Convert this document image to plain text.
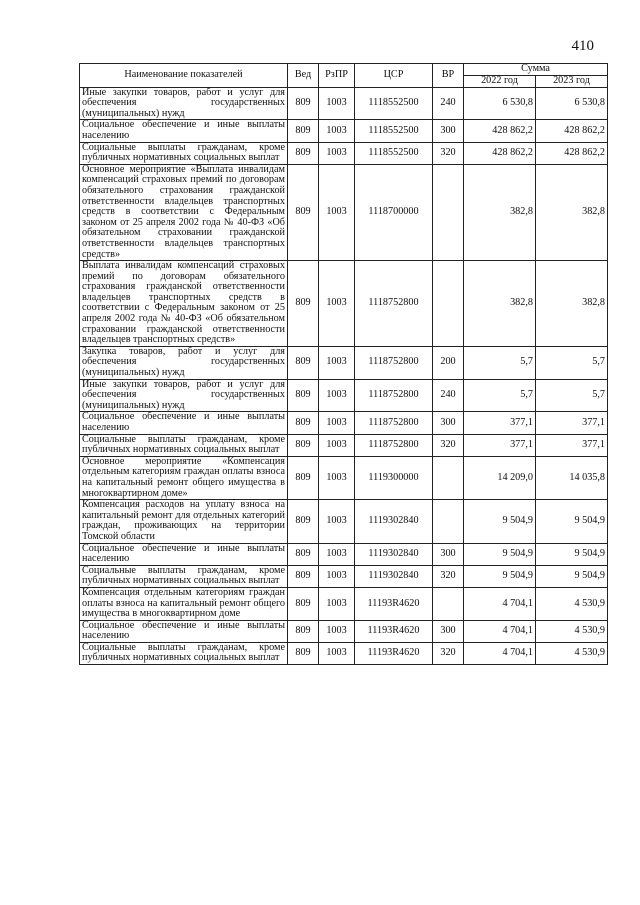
410
Наименование показателей	Вед	РзПР	ЦСР	ВР	Сумма	
					2022 год	2023 год
Иные закупки товаров, работ и услуг для обеспечения государственных (муниципальных) нужд	809	1003	1118552500	240	6 530,8	6 530,8
Социальное обеспечение и иные выплаты населению	809	1003	1118552500	300	428 862,2	428 862,2
Социальные выплаты гражданам, кроме публичных нормативных социальных выплат	809	1003	1118552500	320	428 862,2	428 862,2
Основное мероприятие «Выплата инвалидам компенсаций страховых премий по договорам обязательного страхования гражданской ответственности владельцев транспортных средств в соответствии с Федеральным законом от 25 апреля 2002 года № 40-ФЗ «Об обязательном страховании гражданской ответственности владельцев транспортных средств»	809	1003	1118700000		382,8	382,8
Выплата инвалидам компенсаций страховых премий по договорам обязательного страхования гражданской ответственности владельцев транспортных средств в соответствии с Федеральным законом от 25 апреля 2002 года № 40-ФЗ «Об обязательном страховании гражданской ответственности владельцев транспортных средств»	809	1003	1118752800		382,8	382,8
Закупка товаров, работ и услуг для обеспечения государственных (муниципальных) нужд	809	1003	1118752800	200	5,7	5,7
Иные закупки товаров, работ и услуг для обеспечения государственных (муниципальных) нужд	809	1003	1118752800	240	5,7	5,7
Социальное обеспечение и иные выплаты населению	809	1003	1118752800	300	377,1	377,1
Социальные выплаты гражданам, кроме публичных нормативных социальных выплат	809	1003	1118752800	320	377,1	377,1
Основное мероприятие «Компенсация отдельным категориям граждан оплаты взноса на капитальный ремонт общего имущества в многоквартирном доме»	809	1003	1119300000		14 209,0	14 035,8
Компенсация расходов на уплату взноса на капитальный ремонт для отдельных категорий граждан, проживающих на территории Томской области	809	1003	1119302840		9 504,9	9 504,9
Социальное обеспечение и иные выплаты населению	809	1003	1119302840	300	9 504,9	9 504,9
Социальные выплаты гражданам, кроме публичных нормативных социальных выплат	809	1003	1119302840	320	9 504,9	9 504,9
Компенсация отдельным категориям граждан оплаты взноса на капитальный ремонт общего имущества в многоквартирном доме	809	1003	11193R4620		4 704,1	4 530,9
Социальное обеспечение и иные выплаты населению	809	1003	11193R4620	300	4 704,1	4 530,9
Социальные выплаты гражданам, кроме публичных нормативных социальных выплат	809	1003	11193R4620	320	4 704,1	4 530,9
